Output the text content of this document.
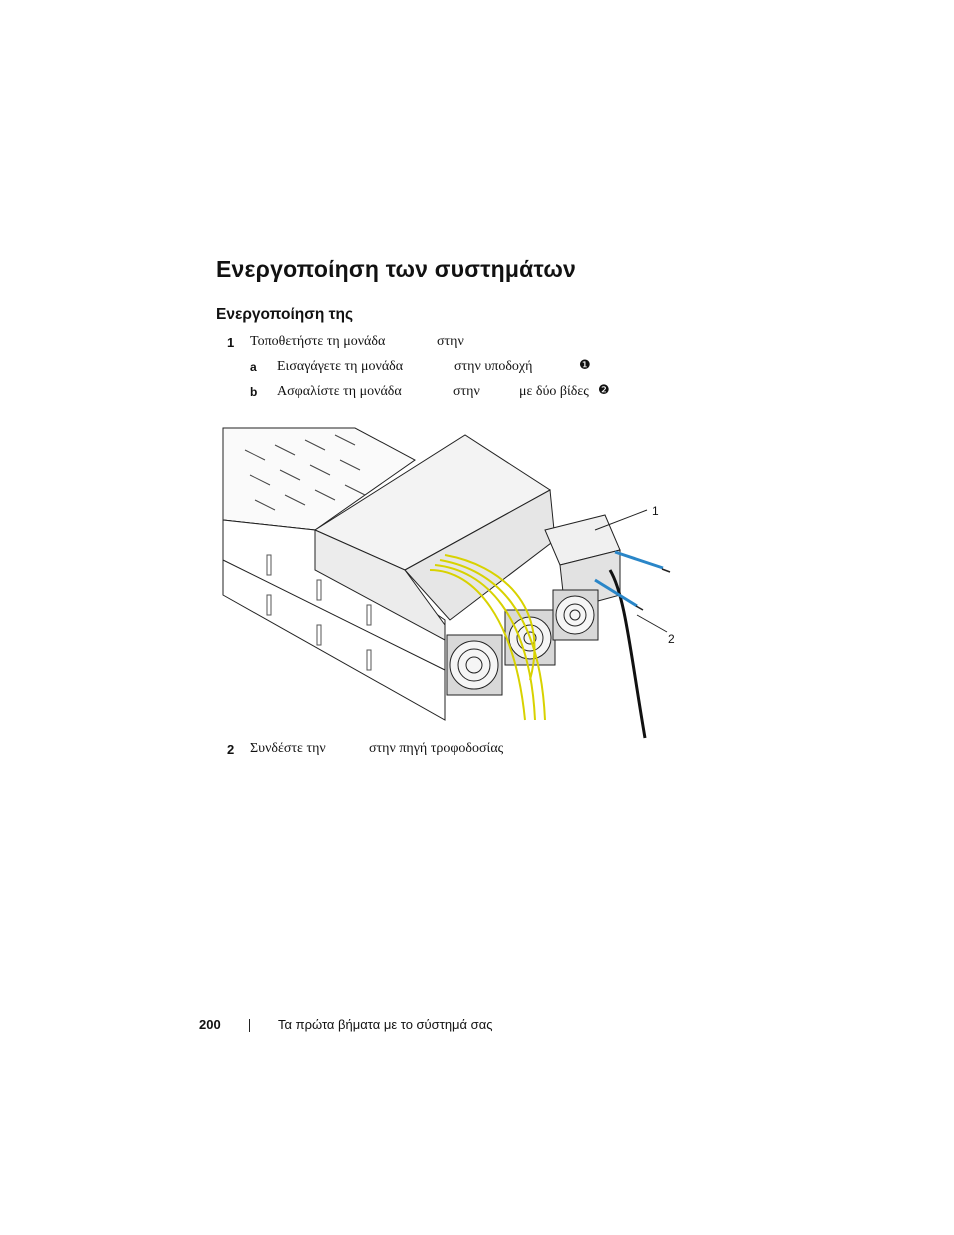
Ενεργοποίηση των συστημάτων
Ενεργοποίηση της
1 Τοποθετήστε τη μονάδα	στην
a Εισαγάγετε τη μονάδα	στην υποδοχή	❶
b Ασφαλίστε τη μονάδα	στην	με δύο βίδες ❷
1
2
2 Συνδέστε την	στην πηγή τροφοδοσίας
200	Τα πρώτα βήματα με το σύστημά σας
